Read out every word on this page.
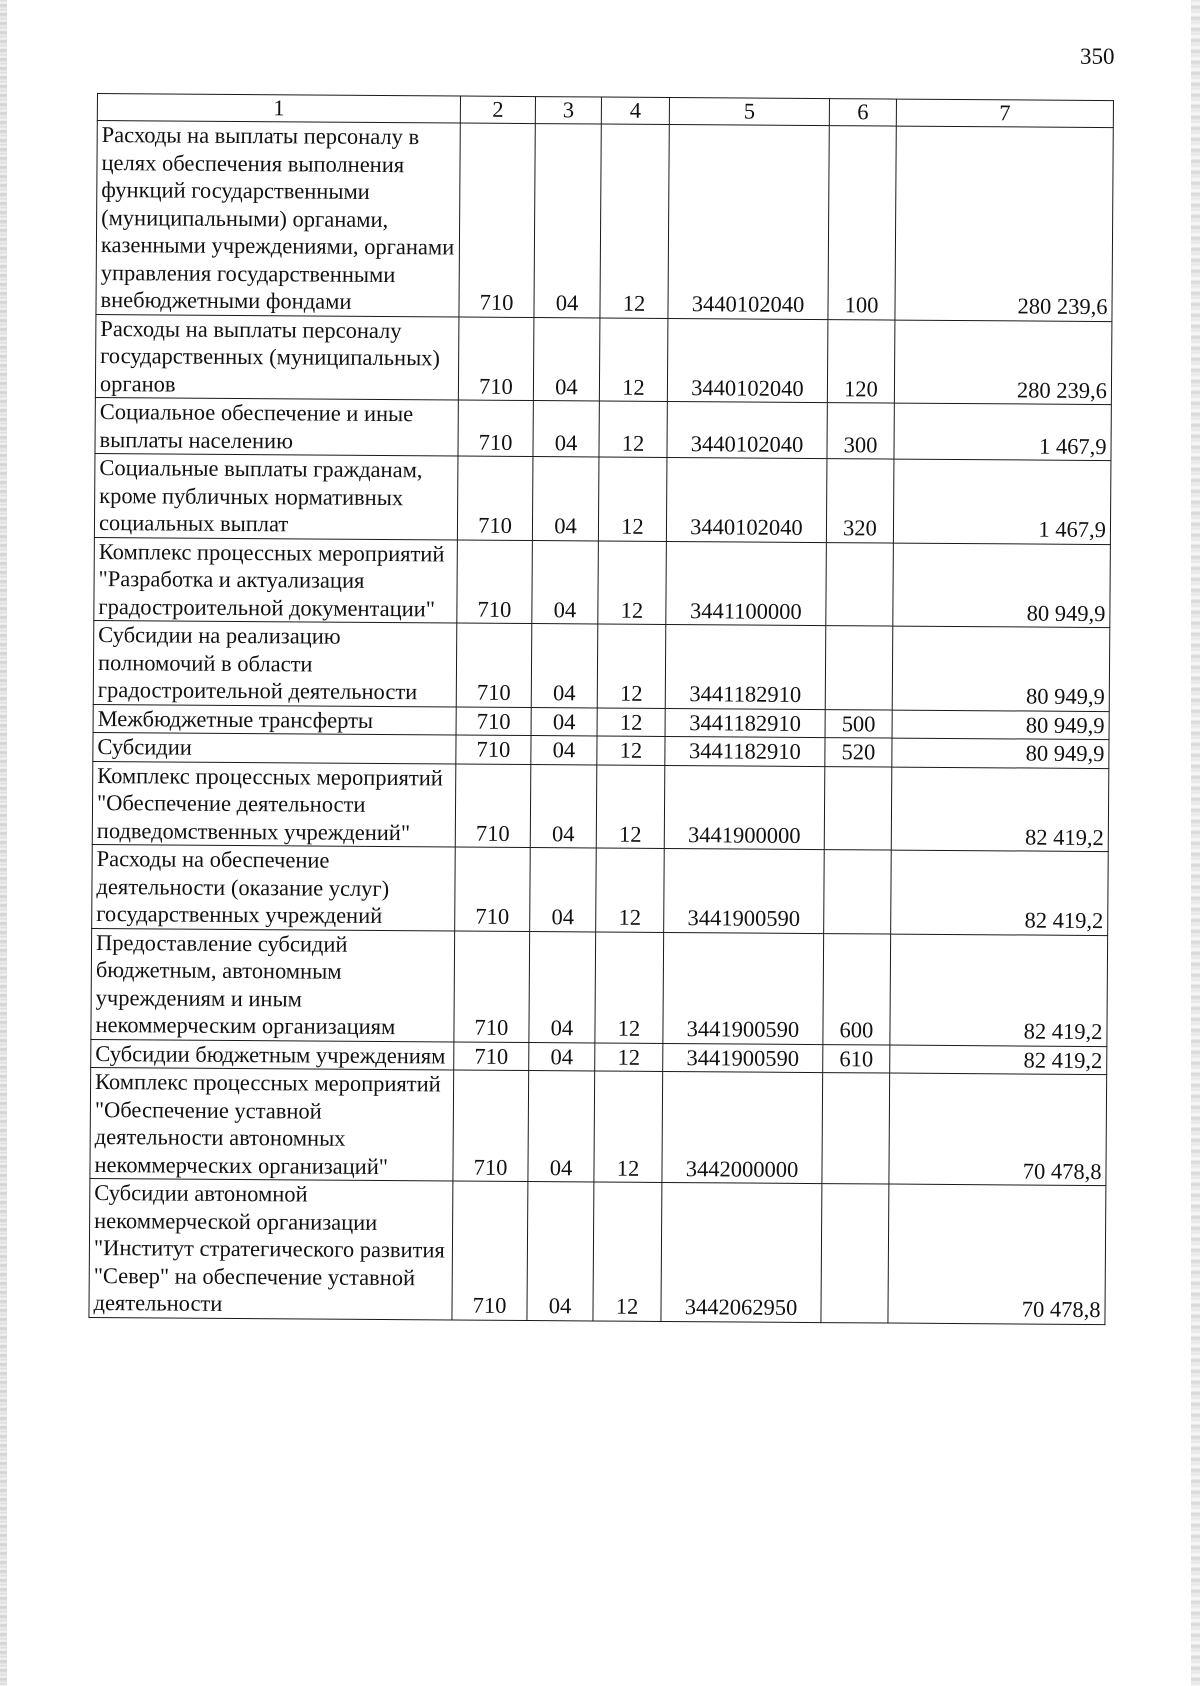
350
1	2	3	4	5	6	7
Расходы на выплаты персоналу в целях обеспечения выполнения функций государственными (муниципальными) органами, казенными учреждениями, органами управления государственными внебюджетными фондами	710	04	12	3440102040	100	280 239,6
Расходы на выплаты персоналу государственных (муниципальных) органов	710	04	12	3440102040	120	280 239,6
Социальное обеспечение и иные выплаты населению	710	04	12	3440102040	300	1 467,9
Социальные выплаты гражданам, кроме публичных нормативных социальных выплат	710	04	12	3440102040	320	1 467,9
Комплекс процессных мероприятий "Разработка и актуализация градостроительной документации"	710	04	12	3441100000		80 949,9
Субсидии на реализацию полномочий в области градостроительной деятельности	710	04	12	3441182910		80 949,9
Межбюджетные трансферты	710	04	12	3441182910	500	80 949,9
Субсидии	710	04	12	3441182910	520	80 949,9
Комплекс процессных мероприятий "Обеспечение деятельности подведомственных учреждений"	710	04	12	3441900000		82 419,2
Расходы на обеспечение деятельности (оказание услуг) государственных учреждений	710	04	12	3441900590		82 419,2
Предоставление субсидий бюджетным, автономным учреждениям и иным некоммерческим организациям	710	04	12	3441900590	600	82 419,2
Субсидии бюджетным учреждениям	710	04	12	3441900590	610	82 419,2
Комплекс процессных мероприятий "Обеспечение уставной деятельности автономных некоммерческих организаций"	710	04	12	3442000000		70 478,8
Субсидии автономной некоммерческой организации "Институт стратегического развития "Север" на обеспечение уставной деятельности	710	04	12	3442062950		70 478,8
